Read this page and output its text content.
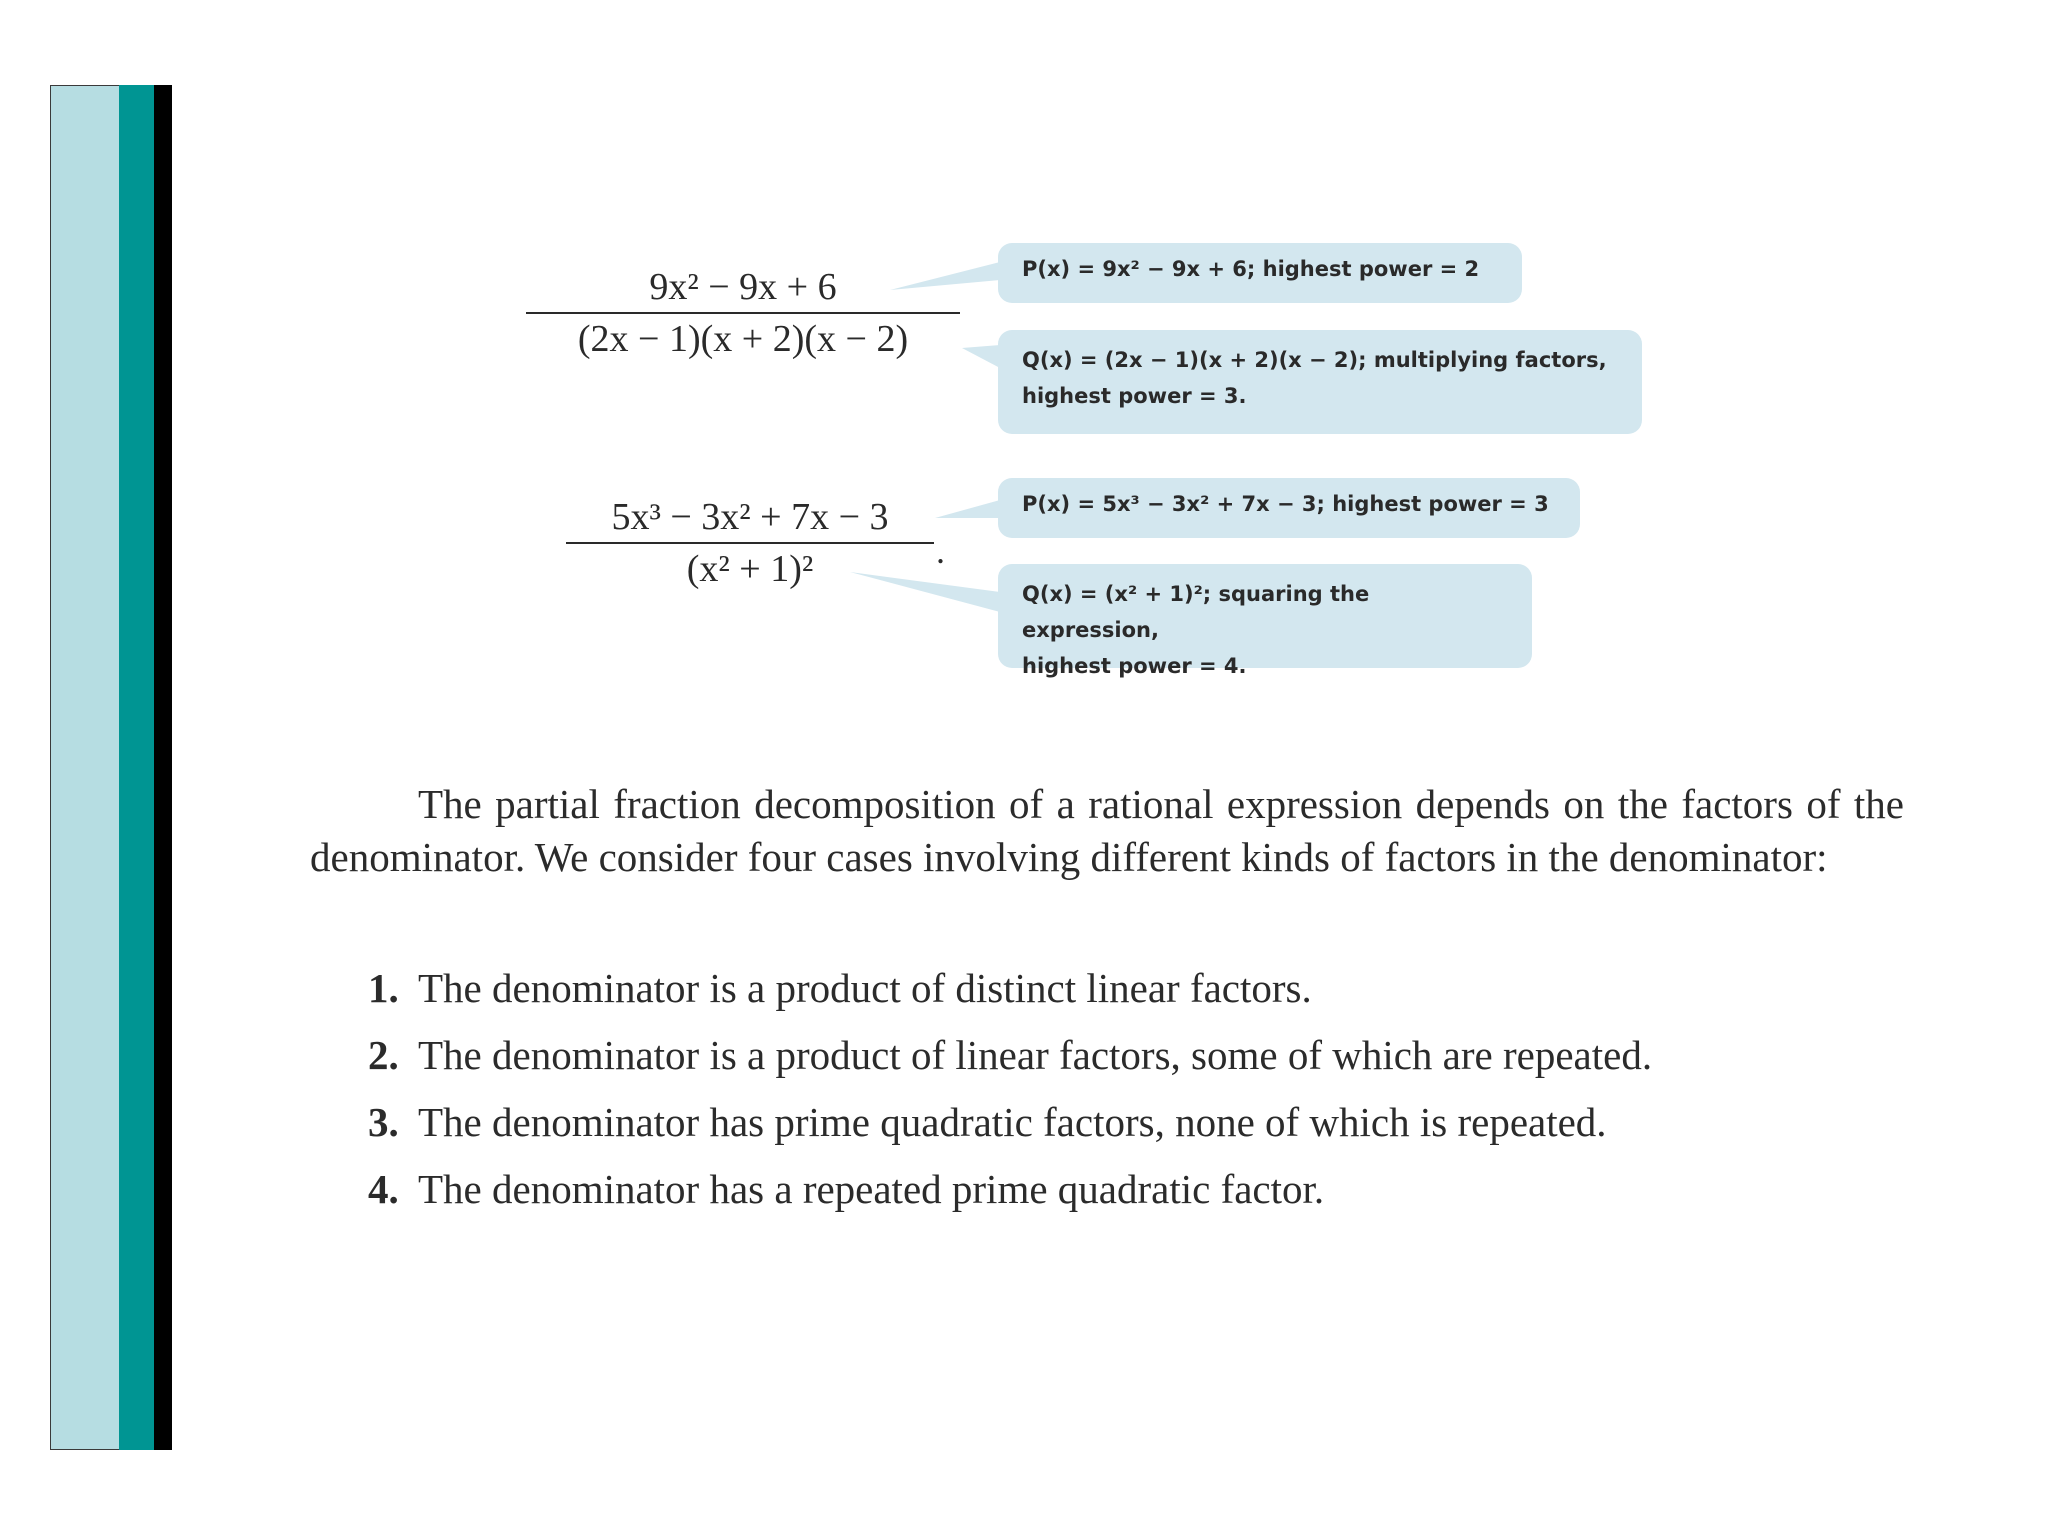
9x² − 9x + 6
(2x − 1)(x + 2)(x − 2)
P(x) = 9x² − 9x + 6; highest power = 2
Q(x) = (2x − 1)(x + 2)(x − 2); multiplying factors,
highest power = 3.
5x³ − 3x² + 7x − 3
(x² + 1)²	.
P(x) = 5x³ − 3x² + 7x − 3; highest power = 3
Q(x) = (x² + 1)²; squaring the expression,
highest power = 4.
The partial fraction decomposition of a rational expression depends on the factors of the denominator. We consider four cases involving different kinds of factors in the denominator:
1. The denominator is a product of distinct linear factors.
2. The denominator is a product of linear factors, some of which are repeated.
3. The denominator has prime quadratic factors, none of which is repeated.
4. The denominator has a repeated prime quadratic factor.
